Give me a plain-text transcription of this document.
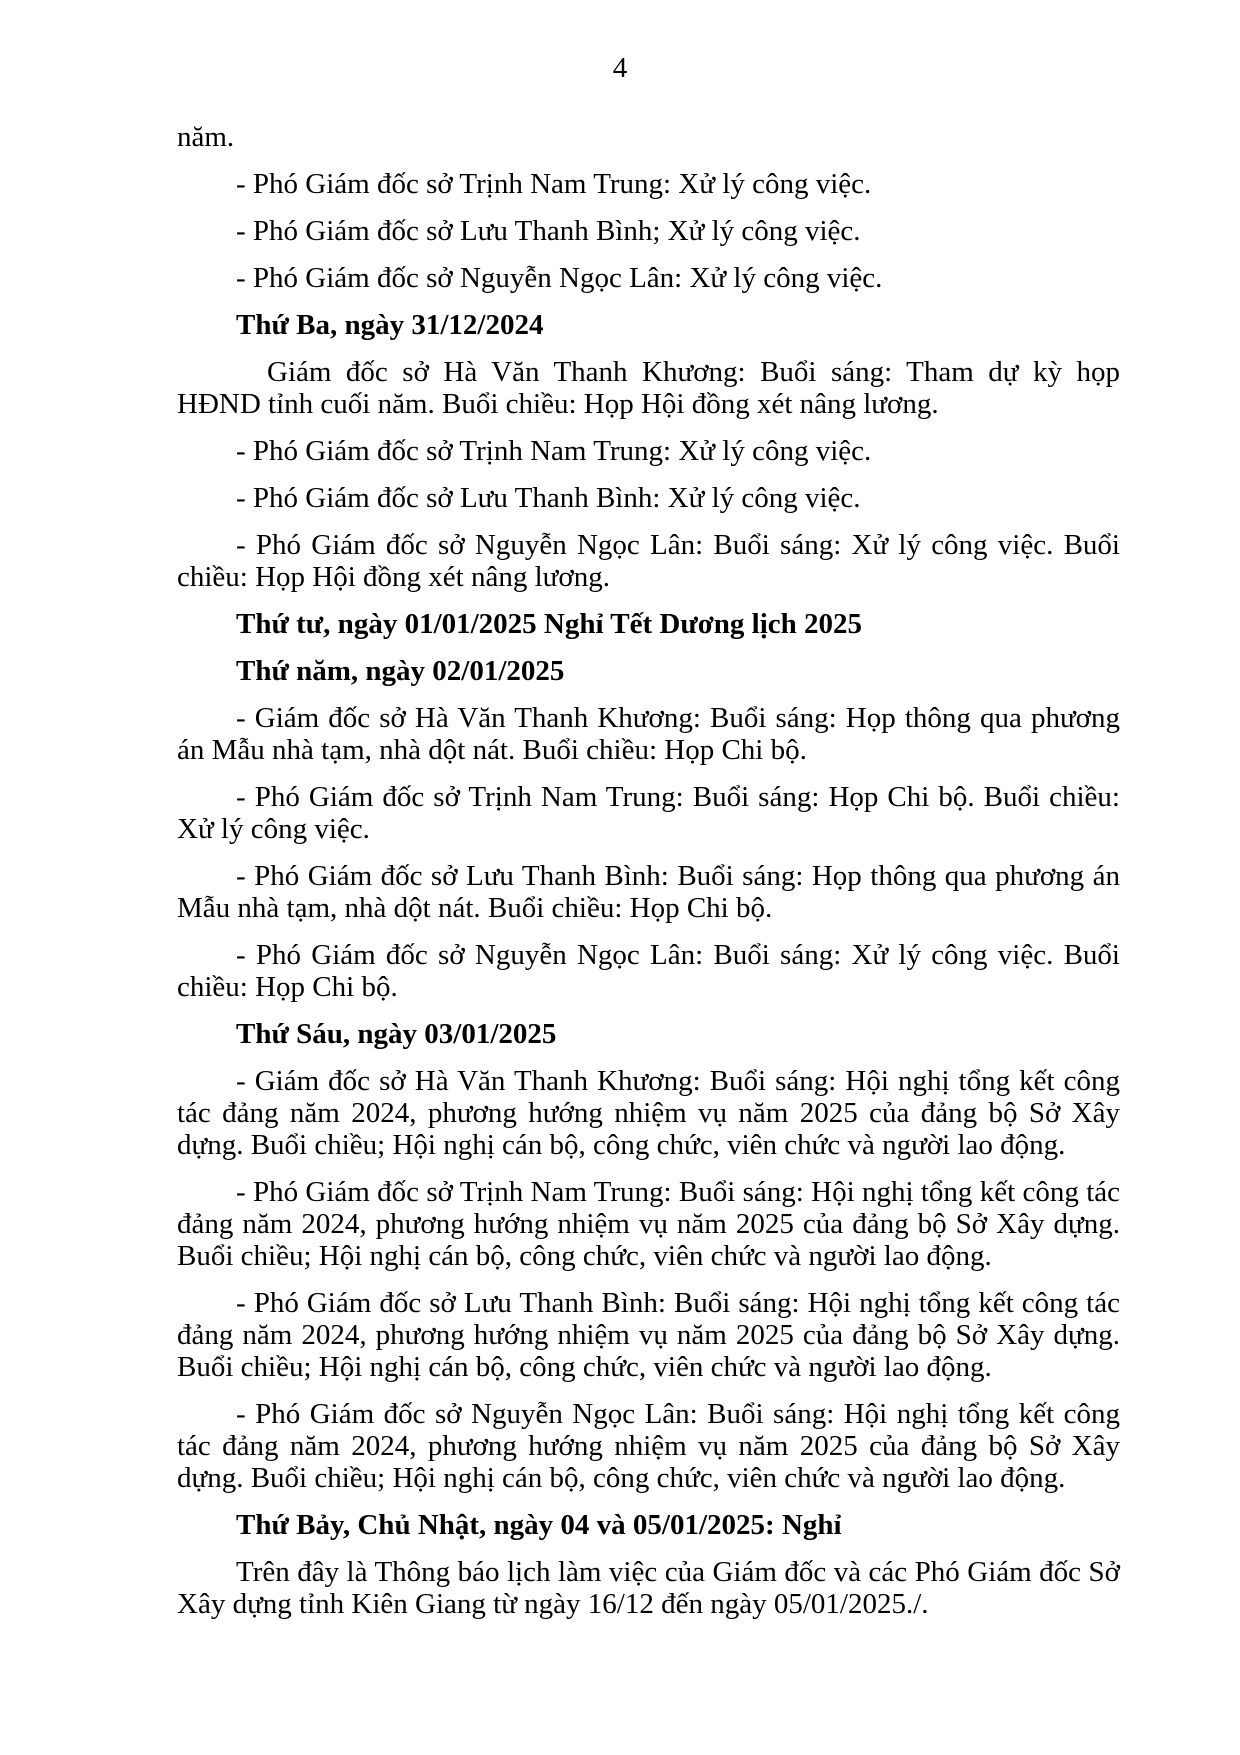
4

năm.

- Phó Giám đốc sở Trịnh Nam Trung: Xử lý công việc.

- Phó Giám đốc sở Lưu Thanh Bình; Xử lý công việc.

- Phó Giám đốc sở Nguyễn Ngọc Lân: Xử lý công việc.

Thứ Ba, ngày 31/12/2024

Giám đốc sở Hà Văn Thanh Khương: Buổi sáng: Tham dự kỳ họp HĐND tỉnh cuối năm. Buổi chiều: Họp Hội đồng xét nâng lương.

- Phó Giám đốc sở Trịnh Nam Trung: Xử lý công việc.

- Phó Giám đốc sở Lưu Thanh Bình: Xử lý công việc.

- Phó Giám đốc sở Nguyễn Ngọc Lân: Buổi sáng: Xử lý công việc. Buổi chiều: Họp Hội đồng xét nâng lương.

Thứ tư, ngày 01/01/2025 Nghỉ Tết Dương lịch 2025

Thứ năm, ngày 02/01/2025

- Giám đốc sở Hà Văn Thanh Khương: Buổi sáng: Họp thông qua phương án Mẫu nhà tạm, nhà dột nát. Buổi chiều: Họp Chi bộ.

- Phó Giám đốc sở Trịnh Nam Trung: Buổi sáng: Họp Chi bộ. Buổi chiều: Xử lý công việc.

- Phó Giám đốc sở Lưu Thanh Bình: Buổi sáng: Họp thông qua phương án Mẫu nhà tạm, nhà dột nát. Buổi chiều: Họp Chi bộ.

- Phó Giám đốc sở Nguyễn Ngọc Lân: Buổi sáng: Xử lý công việc. Buổi chiều: Họp Chi bộ.

Thứ Sáu, ngày 03/01/2025

- Giám đốc sở Hà Văn Thanh Khương: Buổi sáng: Hội nghị tổng kết công tác đảng năm 2024, phương hướng nhiệm vụ năm 2025 của đảng bộ Sở Xây dựng. Buổi chiều; Hội nghị cán bộ, công chức, viên chức và người lao động.

- Phó Giám đốc sở Trịnh Nam Trung: Buổi sáng: Hội nghị tổng kết công tác đảng năm 2024, phương hướng nhiệm vụ năm 2025 của đảng bộ Sở Xây dựng. Buổi chiều; Hội nghị cán bộ, công chức, viên chức và người lao động.

- Phó Giám đốc sở Lưu Thanh Bình: Buổi sáng: Hội nghị tổng kết công tác đảng năm 2024, phương hướng nhiệm vụ năm 2025 của đảng bộ Sở Xây dựng. Buổi chiều; Hội nghị cán bộ, công chức, viên chức và người lao động.

- Phó Giám đốc sở Nguyễn Ngọc Lân: Buổi sáng: Hội nghị tổng kết công tác đảng năm 2024, phương hướng nhiệm vụ năm 2025 của đảng bộ Sở Xây dựng. Buổi chiều; Hội nghị cán bộ, công chức, viên chức và người lao động.

Thứ Bảy, Chủ Nhật, ngày 04 và 05/01/2025: Nghỉ

Trên đây là Thông báo lịch làm việc của Giám đốc và các Phó Giám đốc Sở Xây dựng tỉnh Kiên Giang từ ngày 16/12 đến ngày 05/01/2025./.
